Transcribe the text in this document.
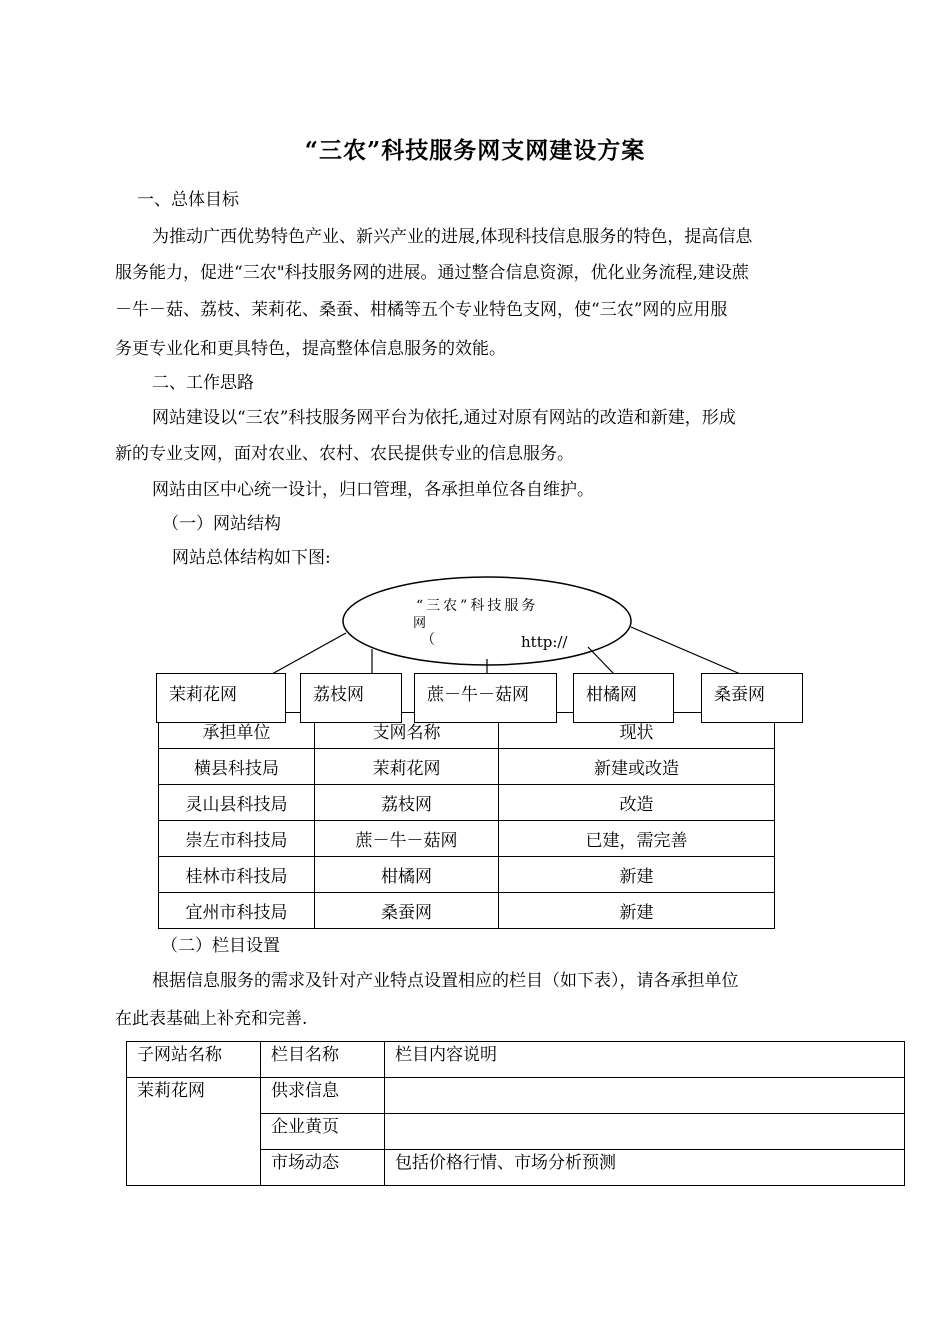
“三农”科技服务网支网建设方案
一、总体目标
为推动广西优势特色产业、新兴产业的进展,体现科技信息服务的特色，提高信息
服务能力，促进“三农"科技服务网的进展。通过整合信息资源，优化业务流程,建设蔗
－牛－菇、荔枝、茉莉花、桑蚕、柑橘等五个专业特色支网，使“三农”网的应用服
务更专业化和更具特色，提高整体信息服务的效能。
二、工作思路
网站建设以“三农”科技服务网平台为依托,通过对原有网站的改造和新建，形成
新的专业支网，面对农业、农村、农民提供专业的信息服务。
网站由区中心统一设计，归口管理，各承担单位各自维护。
（一）网站结构
网站总体结构如下图:
承担单位	支网名称	现状
横县科技局	茉莉花网	新建或改造
灵山县科技局	荔枝网	改造
崇左市科技局	蔗－牛－菇网	已建，需完善
桂林市科技局	柑橘网	新建
宜州市科技局	桑蚕网	新建
“三农”科技服务
网
（	http://
茉莉花网	荔枝网	蔗－牛－菇网	柑橘网	桑蚕网
（二）栏目设置
根据信息服务的需求及针对产业特点设置相应的栏目（如下表），请各承担单位
在此表基础上补充和完善.
子网站名称	栏目名称	栏目内容说明
茉莉花网	供求信息	
	企业黄页	
	市场动态	包括价格行情、市场分析预测
